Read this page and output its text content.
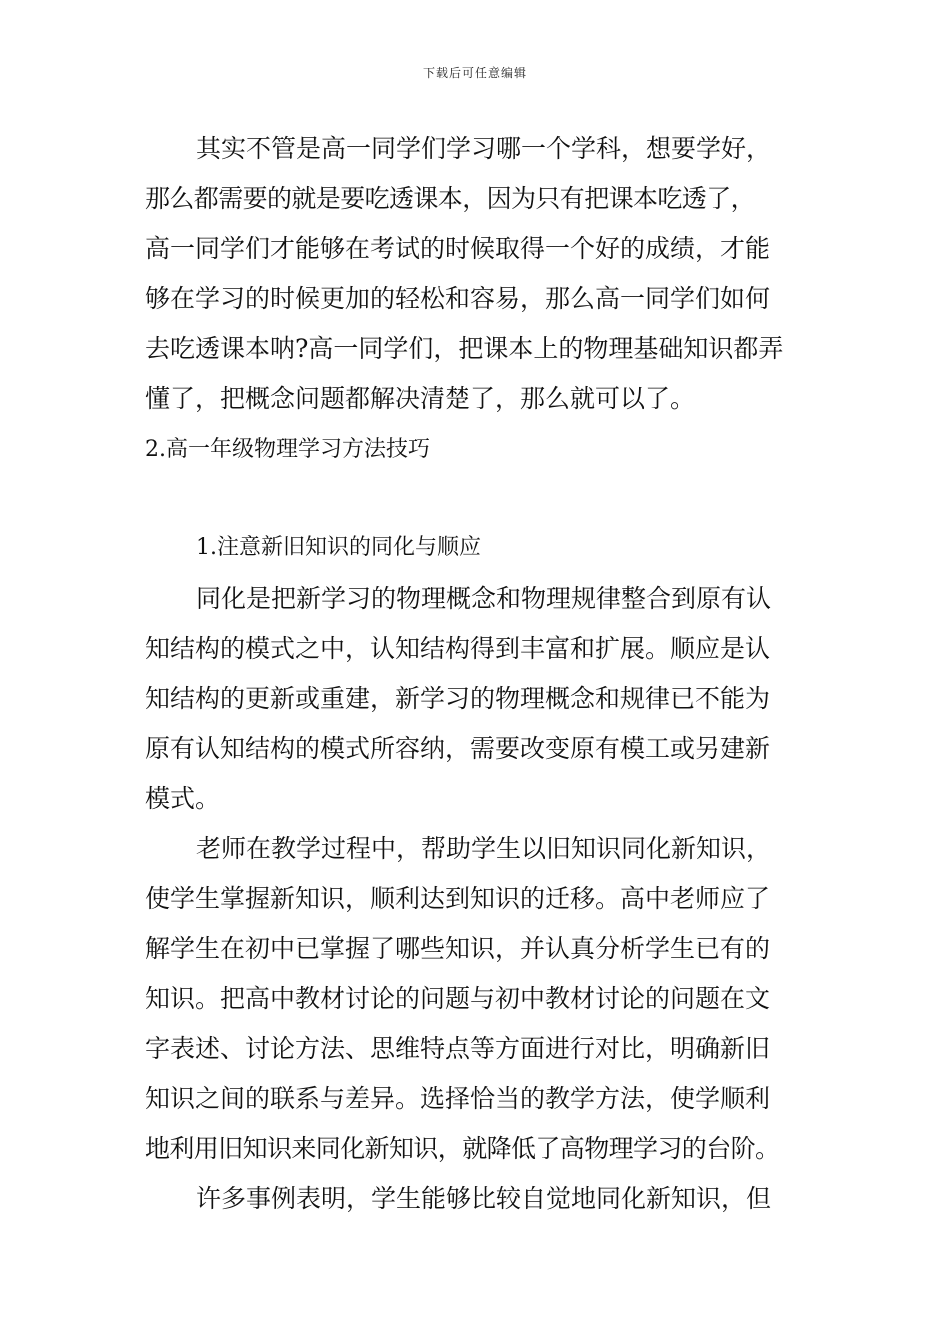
下载后可任意编辑
其实不管是高一同学们学习哪一个学科，想要学好，
那么都需要的就是要吃透课本，因为只有把课本吃透了，
高一同学们才能够在考试的时候取得一个好的成绩，才能
够在学习的时候更加的轻松和容易，那么高一同学们如何
去吃透课本呐?高一同学们，把课本上的物理基础知识都弄
懂了，把概念问题都解决清楚了，那么就可以了。
2.高一年级物理学习方法技巧
1.注意新旧知识的同化与顺应
同化是把新学习的物理概念和物理规律整合到原有认
知结构的模式之中，认知结构得到丰富和扩展。顺应是认
知结构的更新或重建，新学习的物理概念和规律已不能为
原有认知结构的模式所容纳，需要改变原有模工或另建新
模式。
老师在教学过程中，帮助学生以旧知识同化新知识，
使学生掌握新知识，顺利达到知识的迁移。高中老师应了
解学生在初中已掌握了哪些知识，并认真分析学生已有的
知识。把高中教材讨论的问题与初中教材讨论的问题在文
字表述、讨论方法、思维特点等方面进行对比，明确新旧
知识之间的联系与差异。选择恰当的教学方法，使学顺利
地利用旧知识来同化新知识，就降低了高物理学习的台阶。
许多事例表明，学生能够比较自觉地同化新知识，但
